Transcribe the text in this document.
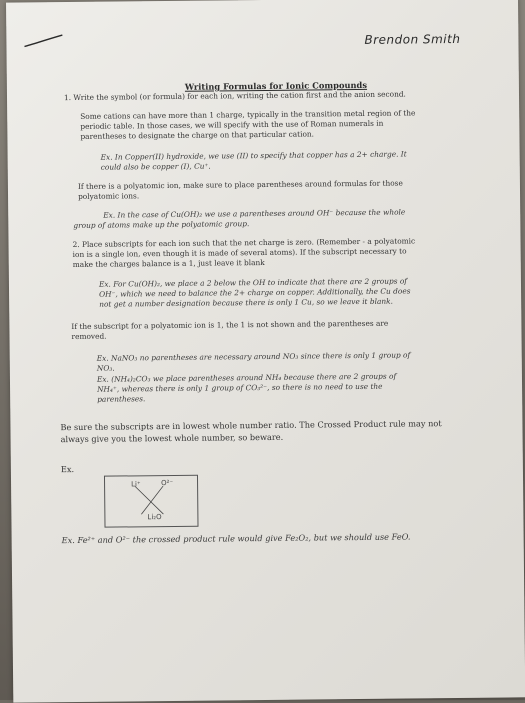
Brendon Smith
Writing Formulas for Ionic Compounds
1. Write the symbol (or formula) for each ion, writing the cation first and the anion second.
Some cations can have more than 1 charge, typically in the transition metal region of the
periodic table. In those cases, we will specify with the use of Roman numerals in
parentheses to designate the charge on that particular cation.
Ex. In Copper(II) hydroxide, we use (II) to specify that copper has a 2+ charge. It
could also be copper (I), Cu⁺.
If there is a polyatomic ion, make sure to place parentheses around formulas for those
polyatomic ions.
Ex. In the case of Cu(OH)₂ we use a parentheses around OH⁻ because the whole
group of atoms make up the polyatomic group.
2. Place subscripts for each ion such that the net charge is zero. (Remember - a polyatomic
ion is a single ion, even though it is made of several atoms). If the subscript necessary to
make the charges balance is a 1, just leave it blank
Ex. For Cu(OH)₂, we place a 2 below the OH to indicate that there are 2 groups of
OH⁻, which we need to balance the 2+ charge on copper. Additionally, the Cu does
not get a number designation because there is only 1 Cu, so we leave it blank.
If the subscript for a polyatomic ion is 1, the 1 is not shown and the parentheses are
removed.
Ex. NaNO₃ no parentheses are necessary around NO₃ since there is only 1 group of
NO₃.
Ex. (NH₄)₂CO₃ we place parentheses around NH₄ because there are 2 groups of
NH₄⁺, whereas there is only 1 group of CO₃²⁻, so there is no need to use the
parentheses.
Be sure the subscripts are in lowest whole number ratio. The Crossed Product rule may not
always give you the lowest whole number, so beware.
Ex.
Li⁺	O²⁻
Li₂O
Ex. Fe²⁺ and O²⁻ the crossed product rule would give Fe₂O₂, but we should use FeO.
